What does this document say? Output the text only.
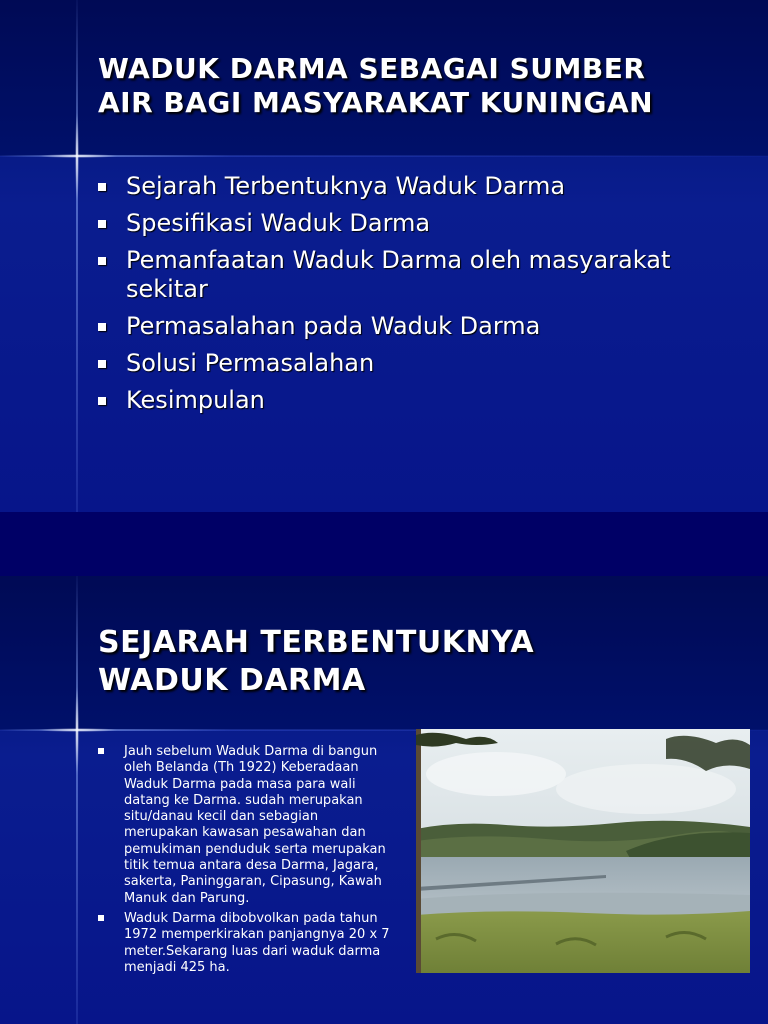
WADUK DARMA SEBAGAI SUMBER
AIR BAGI MASYARAKAT KUNINGAN
Sejarah Terbentuknya Waduk Darma
Spesifikasi Waduk Darma
Pemanfaatan Waduk Darma oleh masyarakat sekitar
Permasalahan pada Waduk Darma
Solusi Permasalahan
Kesimpulan
SEJARAH TERBENTUKNYA
WADUK DARMA
Jauh sebelum Waduk Darma di bangun oleh Belanda (Th 1922) Keberadaan Waduk Darma pada masa para wali datang ke Darma. sudah merupakan situ/danau kecil dan sebagian merupakan kawasan pesawahan dan pemukiman penduduk serta merupakan titik temua antara desa Darma, Jagara, sakerta, Paninggaran, Cipasung, Kawah Manuk dan Parung.
Waduk Darma dibobvolkan pada tahun 1972 memperkirakan panjangnya 20 x 7 meter.Sekarang luas dari waduk darma menjadi 425 ha.
